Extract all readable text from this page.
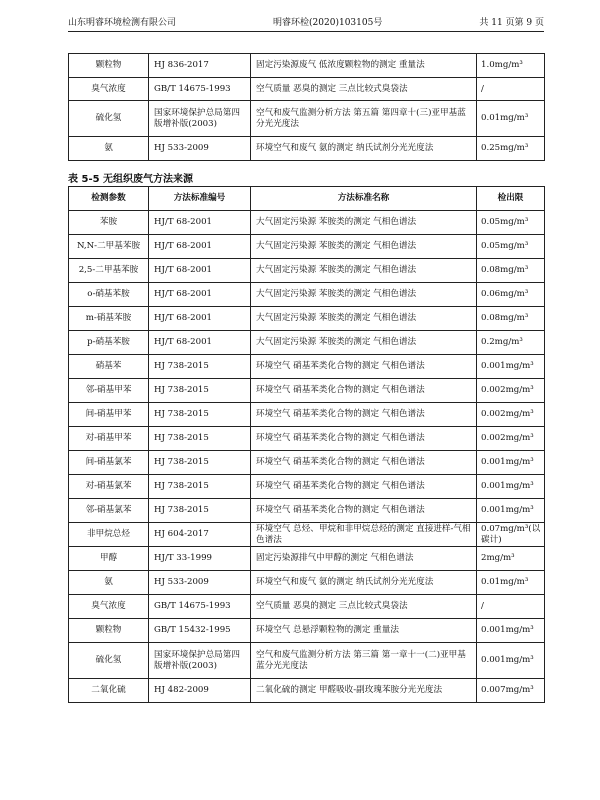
山东明睿环境检测有限公司	明睿环检(2020)103105号	共 11 页第 9 页
颗粒物	HJ 836-2017	固定污染源废气 低浓度颗粒物的测定 重量法	1.0mg/m³
臭气浓度	GB/T 14675-1993	空气质量 恶臭的测定 三点比较式臭袋法	/
硫化氢	国家环境保护总局第四版增补版(2003)	空气和废气监测分析方法 第五篇 第四章十(三)亚甲基蓝分光光度法	0.01mg/m³
氨	HJ 533-2009	环境空气和废气 氨的测定 纳氏试剂分光光度法	0.25mg/m³
表 5-5 无组织废气方法来源
检测参数	方法标准编号	方法标准名称	检出限
苯胺	HJ/T 68-2001	大气固定污染源 苯胺类的测定 气相色谱法	0.05mg/m³
N,N-二甲基苯胺	HJ/T 68-2001	大气固定污染源 苯胺类的测定 气相色谱法	0.05mg/m³
2,5-二甲基苯胺	HJ/T 68-2001	大气固定污染源 苯胺类的测定 气相色谱法	0.08mg/m³
o-硝基苯胺	HJ/T 68-2001	大气固定污染源 苯胺类的测定 气相色谱法	0.06mg/m³
m-硝基苯胺	HJ/T 68-2001	大气固定污染源 苯胺类的测定 气相色谱法	0.08mg/m³
p-硝基苯胺	HJ/T 68-2001	大气固定污染源 苯胺类的测定 气相色谱法	0.2mg/m³
硝基苯	HJ 738-2015	环境空气 硝基苯类化合物的测定 气相色谱法	0.001mg/m³
邻-硝基甲苯	HJ 738-2015	环境空气 硝基苯类化合物的测定 气相色谱法	0.002mg/m³
间-硝基甲苯	HJ 738-2015	环境空气 硝基苯类化合物的测定 气相色谱法	0.002mg/m³
对-硝基甲苯	HJ 738-2015	环境空气 硝基苯类化合物的测定 气相色谱法	0.002mg/m³
间-硝基氯苯	HJ 738-2015	环境空气 硝基苯类化合物的测定 气相色谱法	0.001mg/m³
对-硝基氯苯	HJ 738-2015	环境空气 硝基苯类化合物的测定 气相色谱法	0.001mg/m³
邻-硝基氯苯	HJ 738-2015	环境空气 硝基苯类化合物的测定 气相色谱法	0.001mg/m³
非甲烷总烃	HJ 604-2017	环境空气 总烃、甲烷和非甲烷总烃的测定 直接进样-气相色谱法	0.07mg/m³(以碳计)
甲醇	HJ/T 33-1999	固定污染源排气中甲醇的测定 气相色谱法	2mg/m³
氨	HJ 533-2009	环境空气和废气 氨的测定 纳氏试剂分光光度法	0.01mg/m³
臭气浓度	GB/T 14675-1993	空气质量 恶臭的测定 三点比较式臭袋法	/
颗粒物	GB/T 15432-1995	环境空气 总悬浮颗粒物的测定 重量法	0.001mg/m³
硫化氢	国家环境保护总局第四版增补版(2003)	空气和废气监测分析方法 第三篇 第一章十一(二)亚甲基蓝分光光度法	0.001mg/m³
二氧化硫	HJ 482-2009	二氧化硫的测定 甲醛吸收-副玫瑰苯胺分光光度法	0.007mg/m³
